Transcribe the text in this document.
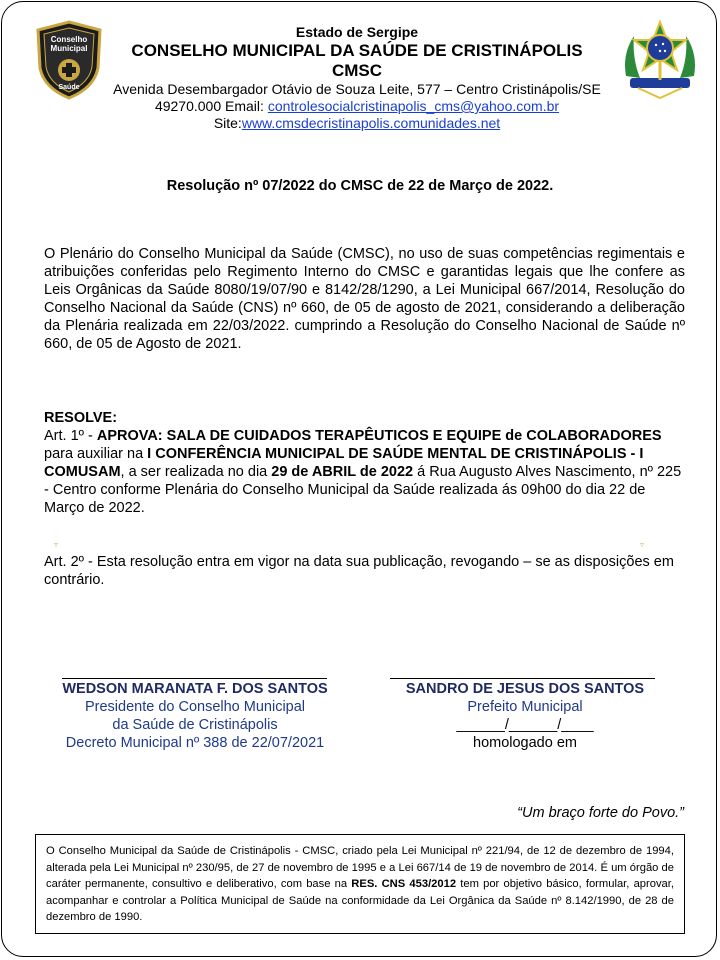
Conselho
Municipal
Saúde
Estado de Sergipe
CONSELHO MUNICIPAL DA SAÚDE DE CRISTINÁPOLIS
CMSC
Avenida Desembargador Otávio de Souza Leite, 577 – Centro Cristinápolis/SE
49270.000 Email: controlesocialcristinapolis_cms@yahoo.com.br
Site:www.cmsdecristinapolis.comunidades.net
Resolução nº 07/2022 do CMSC de 22 de Março de 2022.
O Plenário do Conselho Municipal da Saúde (CMSC), no uso de suas competências regimentais e atribuições conferidas pelo Regimento Interno do CMSC e garantidas legais que lhe confere as Leis Orgânicas da Saúde 8080/19/07/90 e 8142/28/1290, a Lei Municipal 667/2014, Resolução do Conselho Nacional da Saúde (CNS) nº 660, de 05 de agosto de 2021, considerando a deliberação da Plenária realizada em 22/03/2022. cumprindo a Resolução do Conselho Nacional de Saúde nº 660, de 05 de Agosto de 2021.
RESOLVE:
Art. 1º - APROVA: SALA DE CUIDADOS TERAPÊUTICOS E EQUIPE de COLABORADORES para auxiliar na I CONFERÊNCIA MUNICIPAL DE SAÚDE MENTAL DE CRISTINÁPOLIS - I COMUSAM, a ser realizada no dia 29 de ABRIL de 2022 á Rua Augusto Alves Nascimento, nº 225 - Centro conforme Plenária do Conselho Municipal da Saúde realizada ás 09h00 do dia 22 de Março de 2022.
▿	▿
Art. 2º - Esta resolução entra em vigor na data sua publicação, revogando – se as disposições em contrário.
WEDSON MARANATA F. DOS SANTOS
Presidente do Conselho Municipal
da Saúde de Cristinápolis
Decreto Municipal nº 388 de 22/07/2021
SANDRO DE JESUS DOS SANTOS
Prefeito Municipal
______/______/____
homologado em
“Um braço forte do Povo.”
O Conselho Municipal da Saúde de Cristinápolis - CMSC, criado pela Lei Municipal nº 221/94, de 12 de dezembro de 1994, alterada pela Lei Municipal nº 230/95, de 27 de novembro de 1995 e a Lei 667/14 de 19 de novembro de 2014. É um órgão de caráter permanente, consultivo e deliberativo, com base na RES. CNS 453/2012 tem por objetivo básico, formular, aprovar, acompanhar e controlar a Política Municipal de Saúde na conformidade da Lei Orgânica da Saúde nº 8.142/1990, de 28 de dezembro de 1990.
